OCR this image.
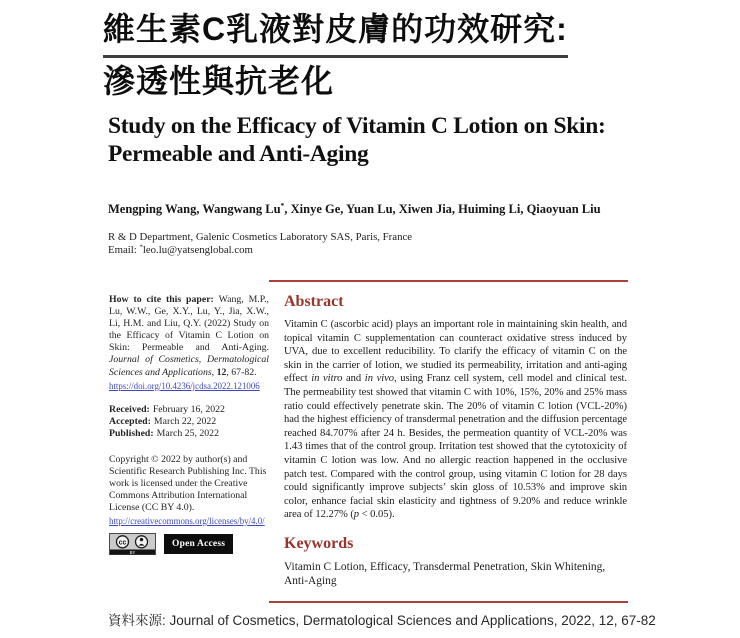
維生素C乳液對皮膚的功效研究:
滲透性與抗老化
Study on the Efficacy of Vitamin C Lotion on Skin: Permeable and Anti-Aging
Mengping Wang, Wangwang Lu*, Xinye Ge, Yuan Lu, Xiwen Jia, Huiming Li, Qiaoyuan Liu
R & D Department, Galenic Cosmetics Laboratory SAS, Paris, France
Email: *leo.lu@yatsenglobal.com

How to cite this paper: Wang, M.P., Lu, W.W., Ge, X.Y., Lu, Y., Jia, X.W., Li, H.M. and Liu, Q.Y. (2022) Study on the Efficacy of Vitamin C Lotion on Skin: Permeable and Anti-Aging. Journal of Cosmetics, Dermatological Sciences and Applications, 12, 67-82.

https://doi.org/10.4236/jcdsa.2022.121006
Received: February 16, 2022
Accepted: March 22, 2022
Published: March 25, 2022

Copyright © 2022 by author(s) and Scientific Research Publishing Inc. This work is licensed under the Creative Commons Attribution International License (CC BY 4.0).

http://creativecommons.org/licenses/by/4.0/
cc
BY
Open Access
Abstract

Vitamin C (ascorbic acid) plays an important role in maintaining skin health, and topical vitamin C supplementation can counteract oxidative stress induced by UVA, due to excellent reducibility. To clarify the efficacy of vitamin C on the skin in the carrier of lotion, we studied its permeability, irritation and anti-aging effect in vitro and in vivo, using Franz cell system, cell model and clinical test. The permeability test showed that vitamin C with 10%, 15%, 20% and 25% mass ratio could effectively penetrate skin. The 20% of vitamin C lotion (VCL-20%) had the highest efficiency of transdermal penetration and the diffusion percentage reached 84.707% after 24 h. Besides, the permeation quantity of VCL-20% was 1.43 times that of the control group. Irritation test showed that the cytotoxicity of vitamin C lotion was low. And no allergic reaction happened in the occlusive patch test. Compared with the control group, using vitamin C lotion for 28 days could significantly improve subjects’ skin gloss of 10.53% and improve skin color, enhance facial skin elasticity and tightness of 9.20% and reduce wrinkle area of 12.27% (p < 0.05).

Keywords

Vitamin C Lotion, Efficacy, Transdermal Penetration, Skin Whitening, Anti-Aging

資料來源: Journal of Cosmetics, Dermatological Sciences and Applications, 2022, 12, 67-82
